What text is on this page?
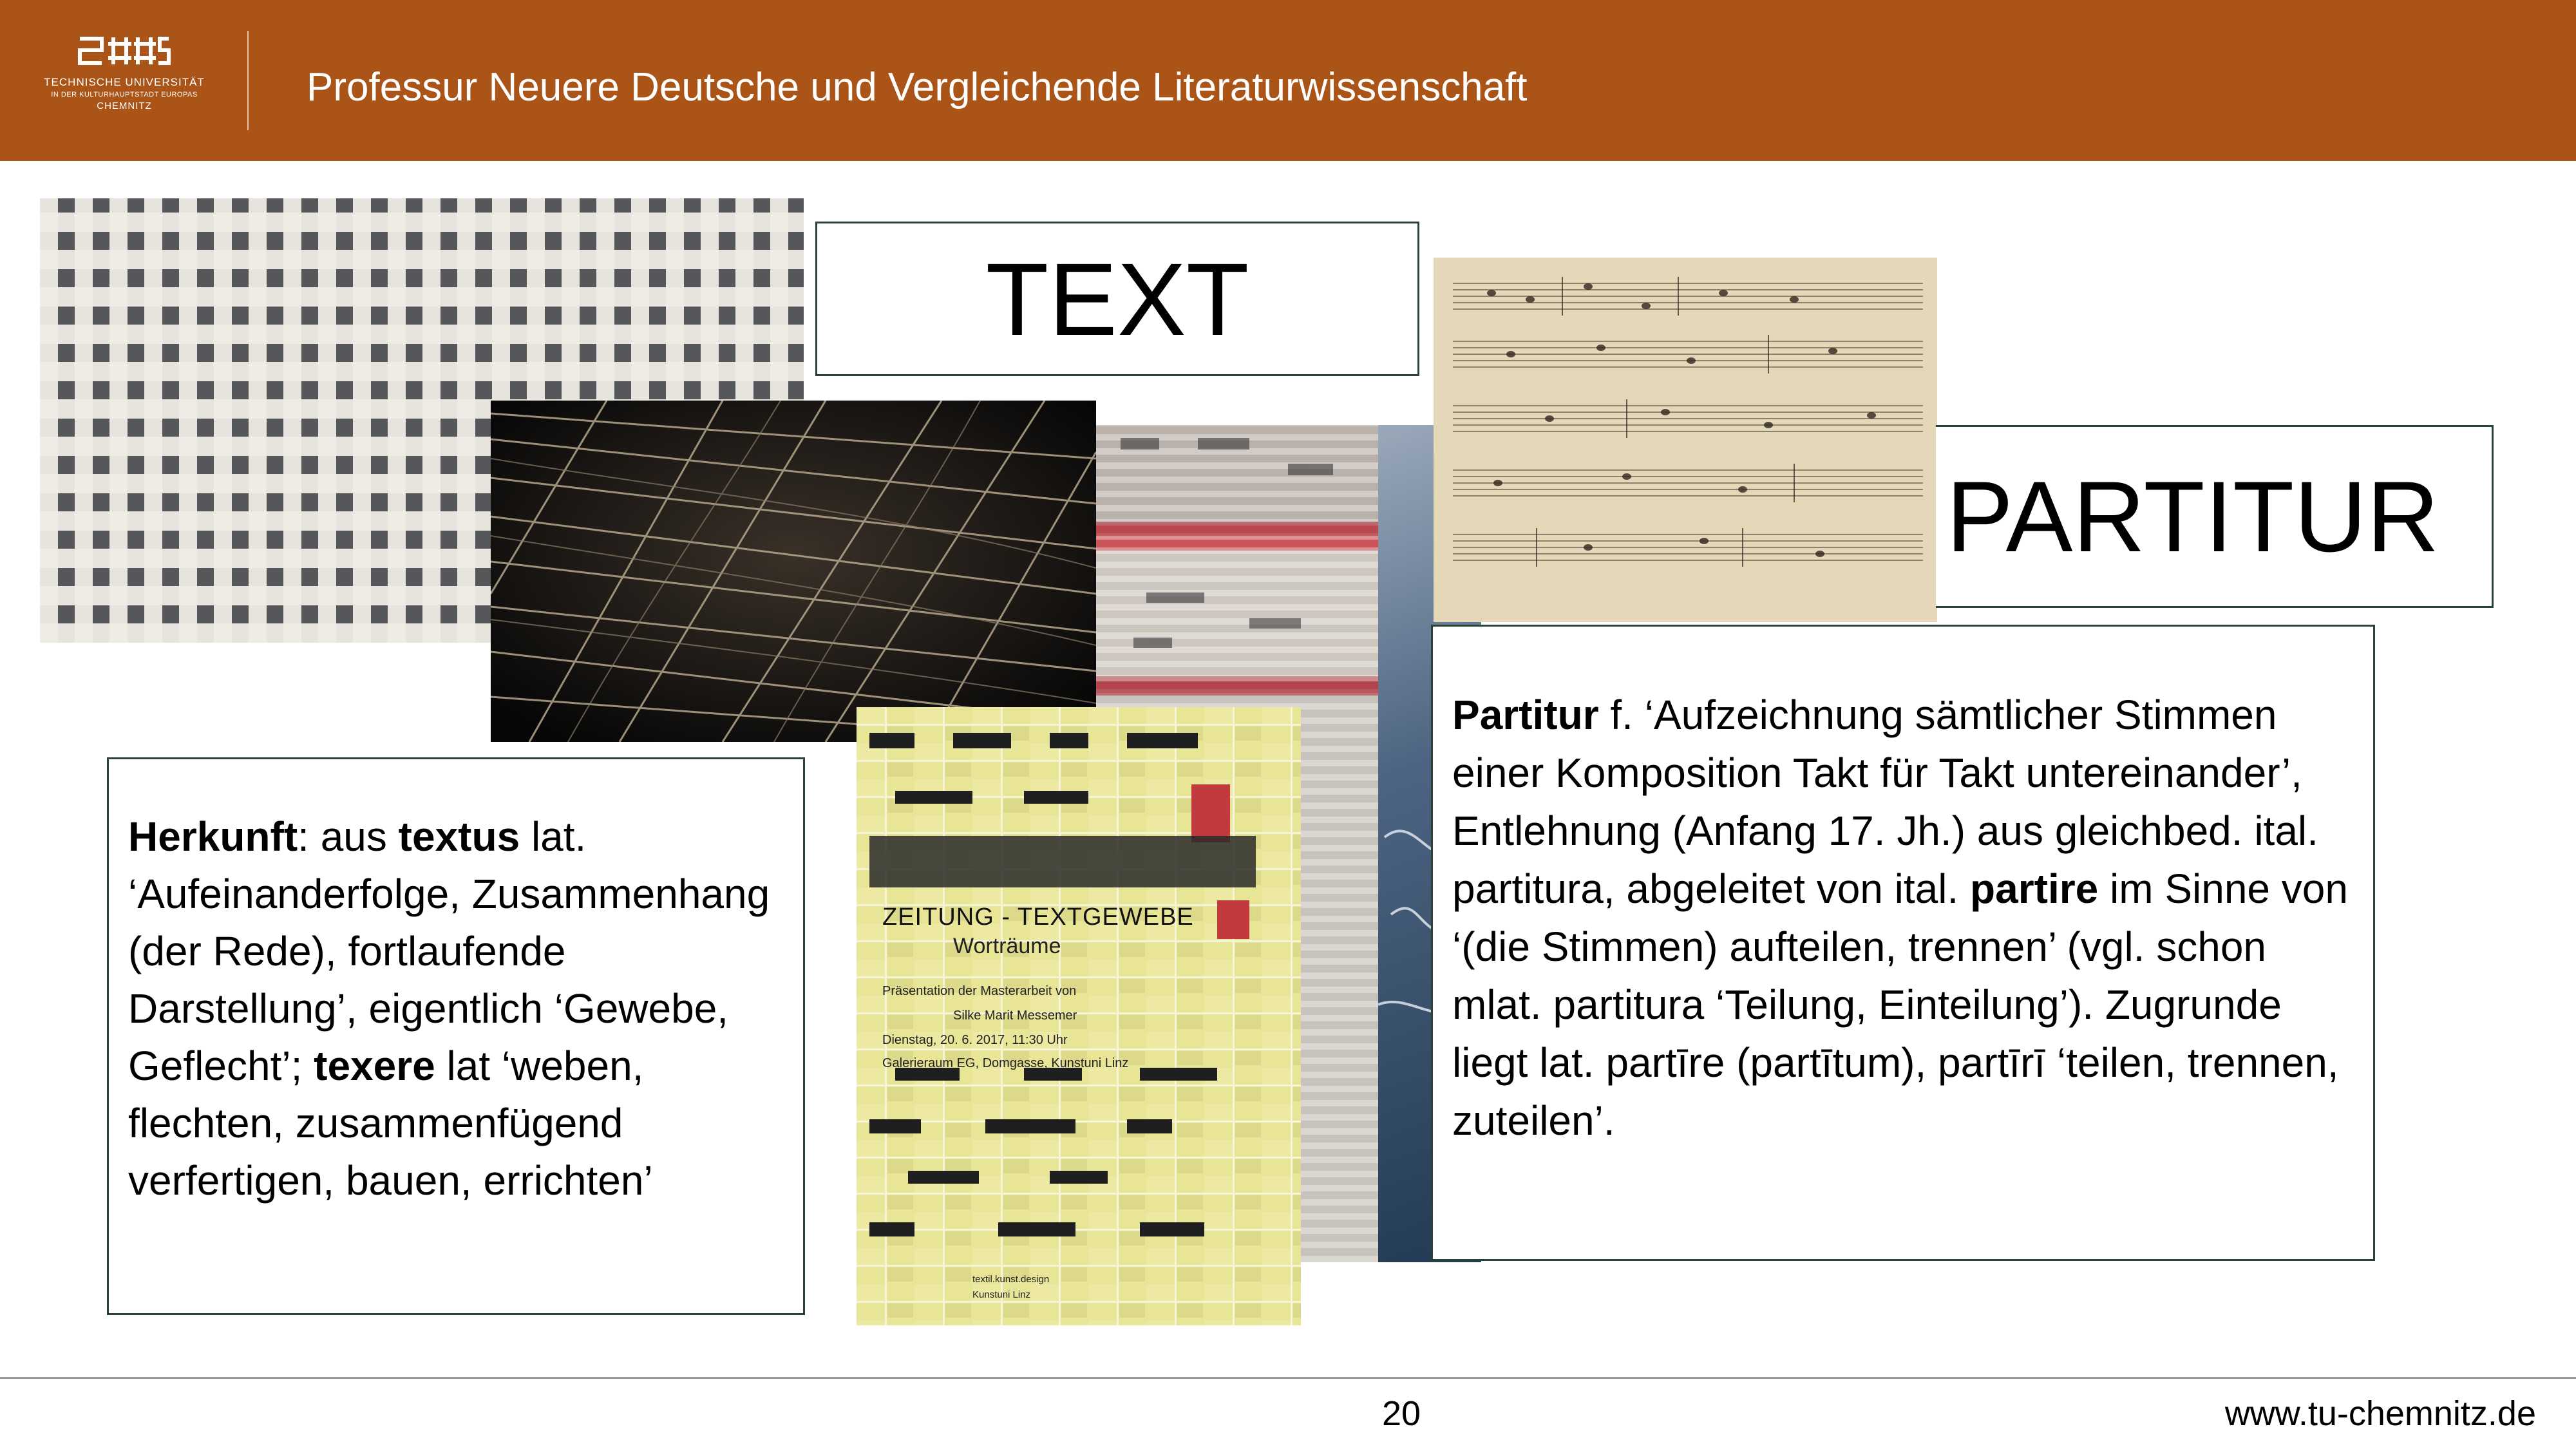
TECHNISCHE UNIVERSITÄT
IN DER KULTURHAUPTSTADT EUROPAS
CHEMNITZ	Professur Neuere Deutsche und Vergleichende Literaturwissenschaft
ZEITUNG - TEXTGEWEBE
Worträume
Präsentation der Masterarbeit von
Silke Marit Messemer
Dienstag, 20. 6. 2017, 11:30 Uhr
Galerieraum EG, Domgasse, Kunstuni Linz
textil.kunst.design
Kunstuni Linz
TEXT
PARTITUR
Herkunft: aus textus lat. ‘Aufeinanderfolge, Zusammenhang (der Rede), fortlaufende Darstellung’, eigentlich ‘Gewebe, Geflecht’; texere lat ‘weben, flechten, zusammenfügend verfertigen, bauen, errichten’
Partitur f. ‘Aufzeichnung sämtlicher Stimmen einer Komposition Takt für Takt untereinander’, Entlehnung (Anfang 17. Jh.) aus gleichbed. ital. partitura, abgeleitet von ital. partire im Sinne von ‘(die Stimmen) aufteilen, trennen’ (vgl. schon mlat. partitura ‘Teilung, Einteilung’). Zugrunde liegt lat. partīre (partītum), partīrī ‘teilen, trennen, zuteilen’.
20	www.tu-chemnitz.de
